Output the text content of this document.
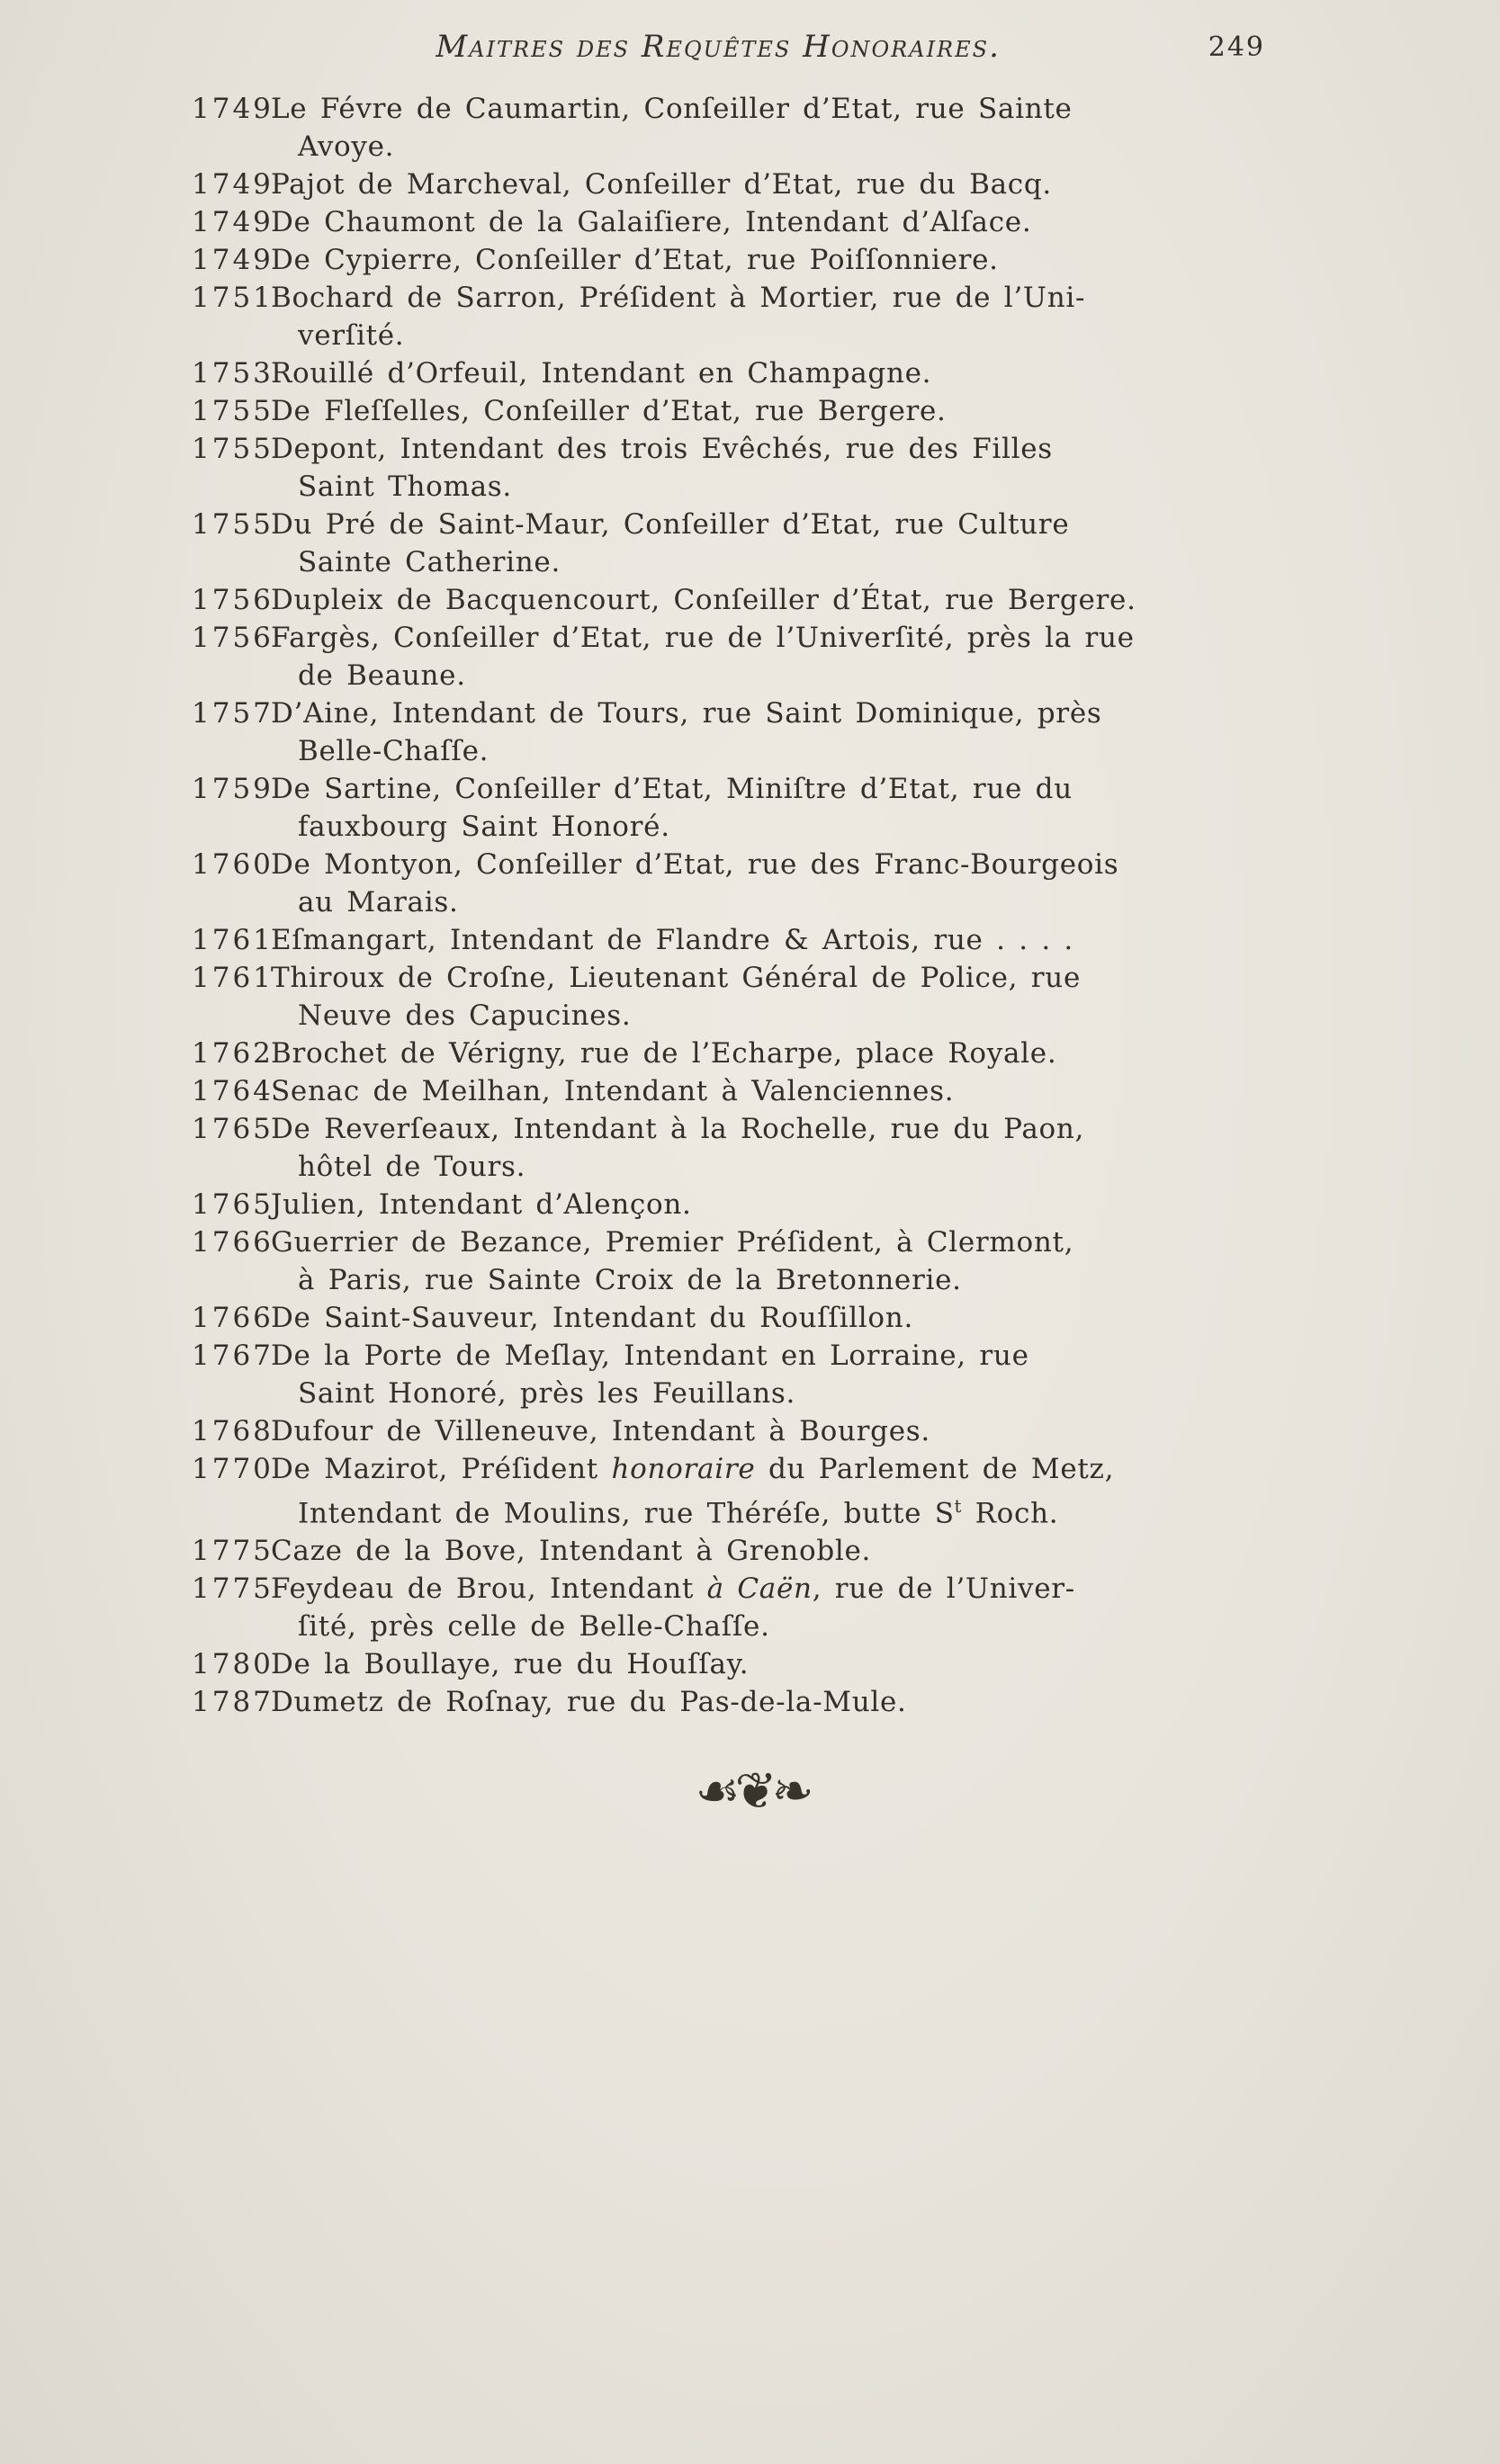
Maitres des Requêtes Honoraires.	249

1749Le Févre de Caumartin, Conſeiller d’Etat, rue Sainte
Avoye.

1749Pajot de Marcheval, Conſeiller d’Etat, rue du Bacq.

1749De Chaumont de la Galaiſiere, Intendant d’Alſace.

1749De Cypierre, Conſeiller d’Etat, rue Poiſſonniere.

1751Bochard de Sarron, Préſident à Mortier, rue de l’Uni-
verſité.

1753Rouillé d’Orfeuil, Intendant en Champagne.

1755De Fleſſelles, Conſeiller d’Etat, rue Bergere.

1755Depont, Intendant des trois Evêchés, rue des Filles
Saint Thomas.

1755Du Pré de Saint-Maur, Conſeiller d’Etat, rue Culture
Sainte Catherine.

1756Dupleix de Bacquencourt, Conſeiller d’État, rue Bergere.

1756Fargès, Conſeiller d’Etat, rue de l’Univerſité, près la rue
de Beaune.

1757D’Aine, Intendant de Tours, rue Saint Dominique, près
Belle-Chaſſe.

1759De Sartine, Conſeiller d’Etat, Miniſtre d’Etat, rue du
fauxbourg Saint Honoré.

1760De Montyon, Conſeiller d’Etat, rue des Franc-Bourgeois
au Marais.

1761Eſmangart, Intendant de Flandre & Artois, rue . . . .

1761Thiroux de Croſne, Lieutenant Général de Police, rue
Neuve des Capucines.

1762Brochet de Vérigny, rue de l’Echarpe, place Royale.

1764Senac de Meilhan, Intendant à Valenciennes.

1765De Reverſeaux, Intendant à la Rochelle, rue du Paon,
hôtel de Tours.

1765Julien, Intendant d’Alençon.

1766Guerrier de Bezance, Premier Préſident, à Clermont,
à Paris, rue Sainte Croix de la Bretonnerie.

1766De Saint-Sauveur, Intendant du Rouſſillon.

1767De la Porte de Meſlay, Intendant en Lorraine, rue
Saint Honoré, près les Feuillans.

1768Dufour de Villeneuve, Intendant à Bourges.

1770De Mazirot, Préſident honoraire du Parlement de Metz,
Intendant de Moulins, rue Théréſe, butte $S^t$ Roch.

1775Caze de la Bove, Intendant à Grenoble.

1775Feydeau de Brou, Intendant à Caën, rue de l’Univer-
ſité, près celle de Belle-Chaſſe.

1780De la Boullaye, rue du Houſſay.

1787Dumetz de Roſnay, rue du Pas-de-la-Mule.

☙❦❧
